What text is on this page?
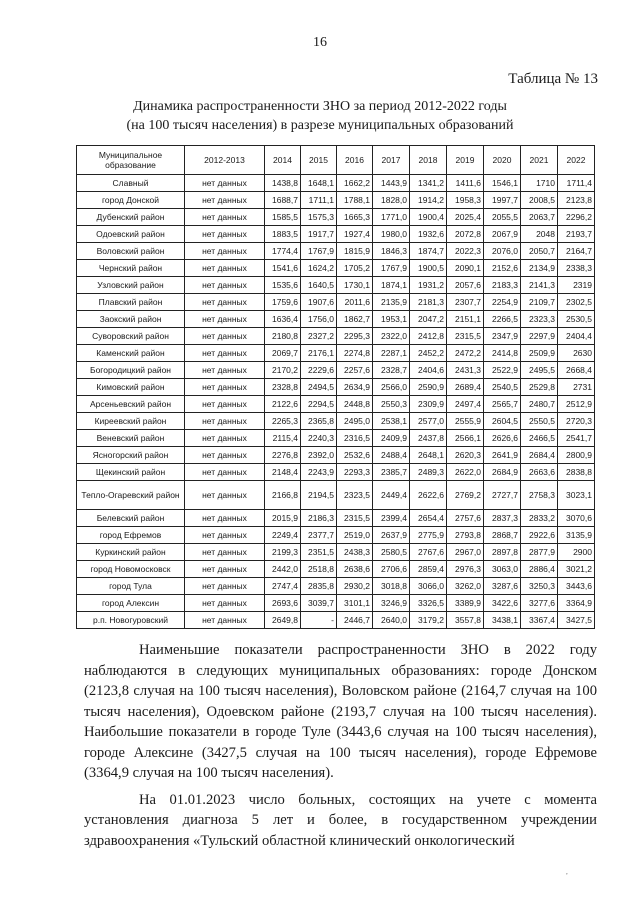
16
Таблица № 13
Динамика распространенности ЗНО за период 2012-2022 годы
(на 100 тысяч населения) в разрезе муниципальных образований
Муниципальное образование	2012-2013	2014	2015	2016	2017	2018	2019	2020	2021	2022
Славный	нет данных	1438,8	1648,1	1662,2	1443,9	1341,2	1411,6	1546,1	1710	1711,4
город Донской	нет данных	1688,7	1711,1	1788,1	1828,0	1914,2	1958,3	1997,7	2008,5	2123,8
Дубенский район	нет данных	1585,5	1575,3	1665,3	1771,0	1900,4	2025,4	2055,5	2063,7	2296,2
Одоевский район	нет данных	1883,5	1917,7	1927,4	1980,0	1932,6	2072,8	2067,9	2048	2193,7
Воловский район	нет данных	1774,4	1767,9	1815,9	1846,3	1874,7	2022,3	2076,0	2050,7	2164,7
Чернский район	нет данных	1541,6	1624,2	1705,2	1767,9	1900,5	2090,1	2152,6	2134,9	2338,3
Узловский район	нет данных	1535,6	1640,5	1730,1	1874,1	1931,2	2057,6	2183,3	2141,3	2319
Плавский район	нет данных	1759,6	1907,6	2011,6	2135,9	2181,3	2307,7	2254,9	2109,7	2302,5
Заокский район	нет данных	1636,4	1756,0	1862,7	1953,1	2047,2	2151,1	2266,5	2323,3	2530,5
Суворовский район	нет данных	2180,8	2327,2	2295,3	2322,0	2412,8	2315,5	2347,9	2297,9	2404,4
Каменский район	нет данных	2069,7	2176,1	2274,8	2287,1	2452,2	2472,2	2414,8	2509,9	2630
Богородицкий район	нет данных	2170,2	2229,6	2257,6	2328,7	2404,6	2431,3	2522,9	2495,5	2668,4
Кимовский район	нет данных	2328,8	2494,5	2634,9	2566,0	2590,9	2689,4	2540,5	2529,8	2731
Арсеньевский район	нет данных	2122,6	2294,5	2448,8	2550,3	2309,9	2497,4	2565,7	2480,7	2512,9
Киреевский район	нет данных	2265,3	2365,8	2495,0	2538,1	2577,0	2555,9	2604,5	2550,5	2720,3
Веневский район	нет данных	2115,4	2240,3	2316,5	2409,9	2437,8	2566,1	2626,6	2466,5	2541,7
Ясногорский район	нет данных	2276,8	2392,0	2532,6	2488,4	2648,1	2620,3	2641,9	2684,4	2800,9
Щекинский район	нет данных	2148,4	2243,9	2293,3	2385,7	2489,3	2622,0	2684,9	2663,6	2838,8
Тепло-Огаревский район	нет данных	2166,8	2194,5	2323,5	2449,4	2622,6	2769,2	2727,7	2758,3	3023,1
Белевский район	нет данных	2015,9	2186,3	2315,5	2399,4	2654,4	2757,6	2837,3	2833,2	3070,6
город Ефремов	нет данных	2249,4	2377,7	2519,0	2637,9	2775,9	2793,8	2868,7	2922,6	3135,9
Куркинский район	нет данных	2199,3	2351,5	2438,3	2580,5	2767,6	2967,0	2897,8	2877,9	2900
город Новомосковск	нет данных	2442,0	2518,8	2638,6	2706,6	2859,4	2976,3	3063,0	2886,4	3021,2
город Тула	нет данных	2747,4	2835,8	2930,2	3018,8	3066,0	3262,0	3287,6	3250,3	3443,6
город Алексин	нет данных	2693,6	3039,7	3101,1	3246,9	3326,5	3389,9	3422,6	3277,6	3364,9
р.п. Новогуровский	нет данных	2649,8	-	2446,7	2640,0	3179,2	3557,8	3438,1	3367,4	3427,5

Наименьшие показатели распространенности ЗНО в 2022 году наблюдаются в следующих муниципальных образованиях: городе Донском (2123,8 случая на 100 тысяч населения), Воловском районе (2164,7 случая на 100 тысяч населения), Одоевском районе (2193,7 случая на 100 тысяч населения). Наибольшие показатели в городе Туле (3443,6 случая на 100 тысяч населения), городе Алексине (3427,5 случая на 100 тысяч населения), городе Ефремове (3364,9 случая на 100 тысяч населения).

На 01.01.2023 число больных, состоящих на учете с момента установления диагноза 5 лет и более, в государственном учреждении здравоохранения «Тульский областной клинический онкологический

,
